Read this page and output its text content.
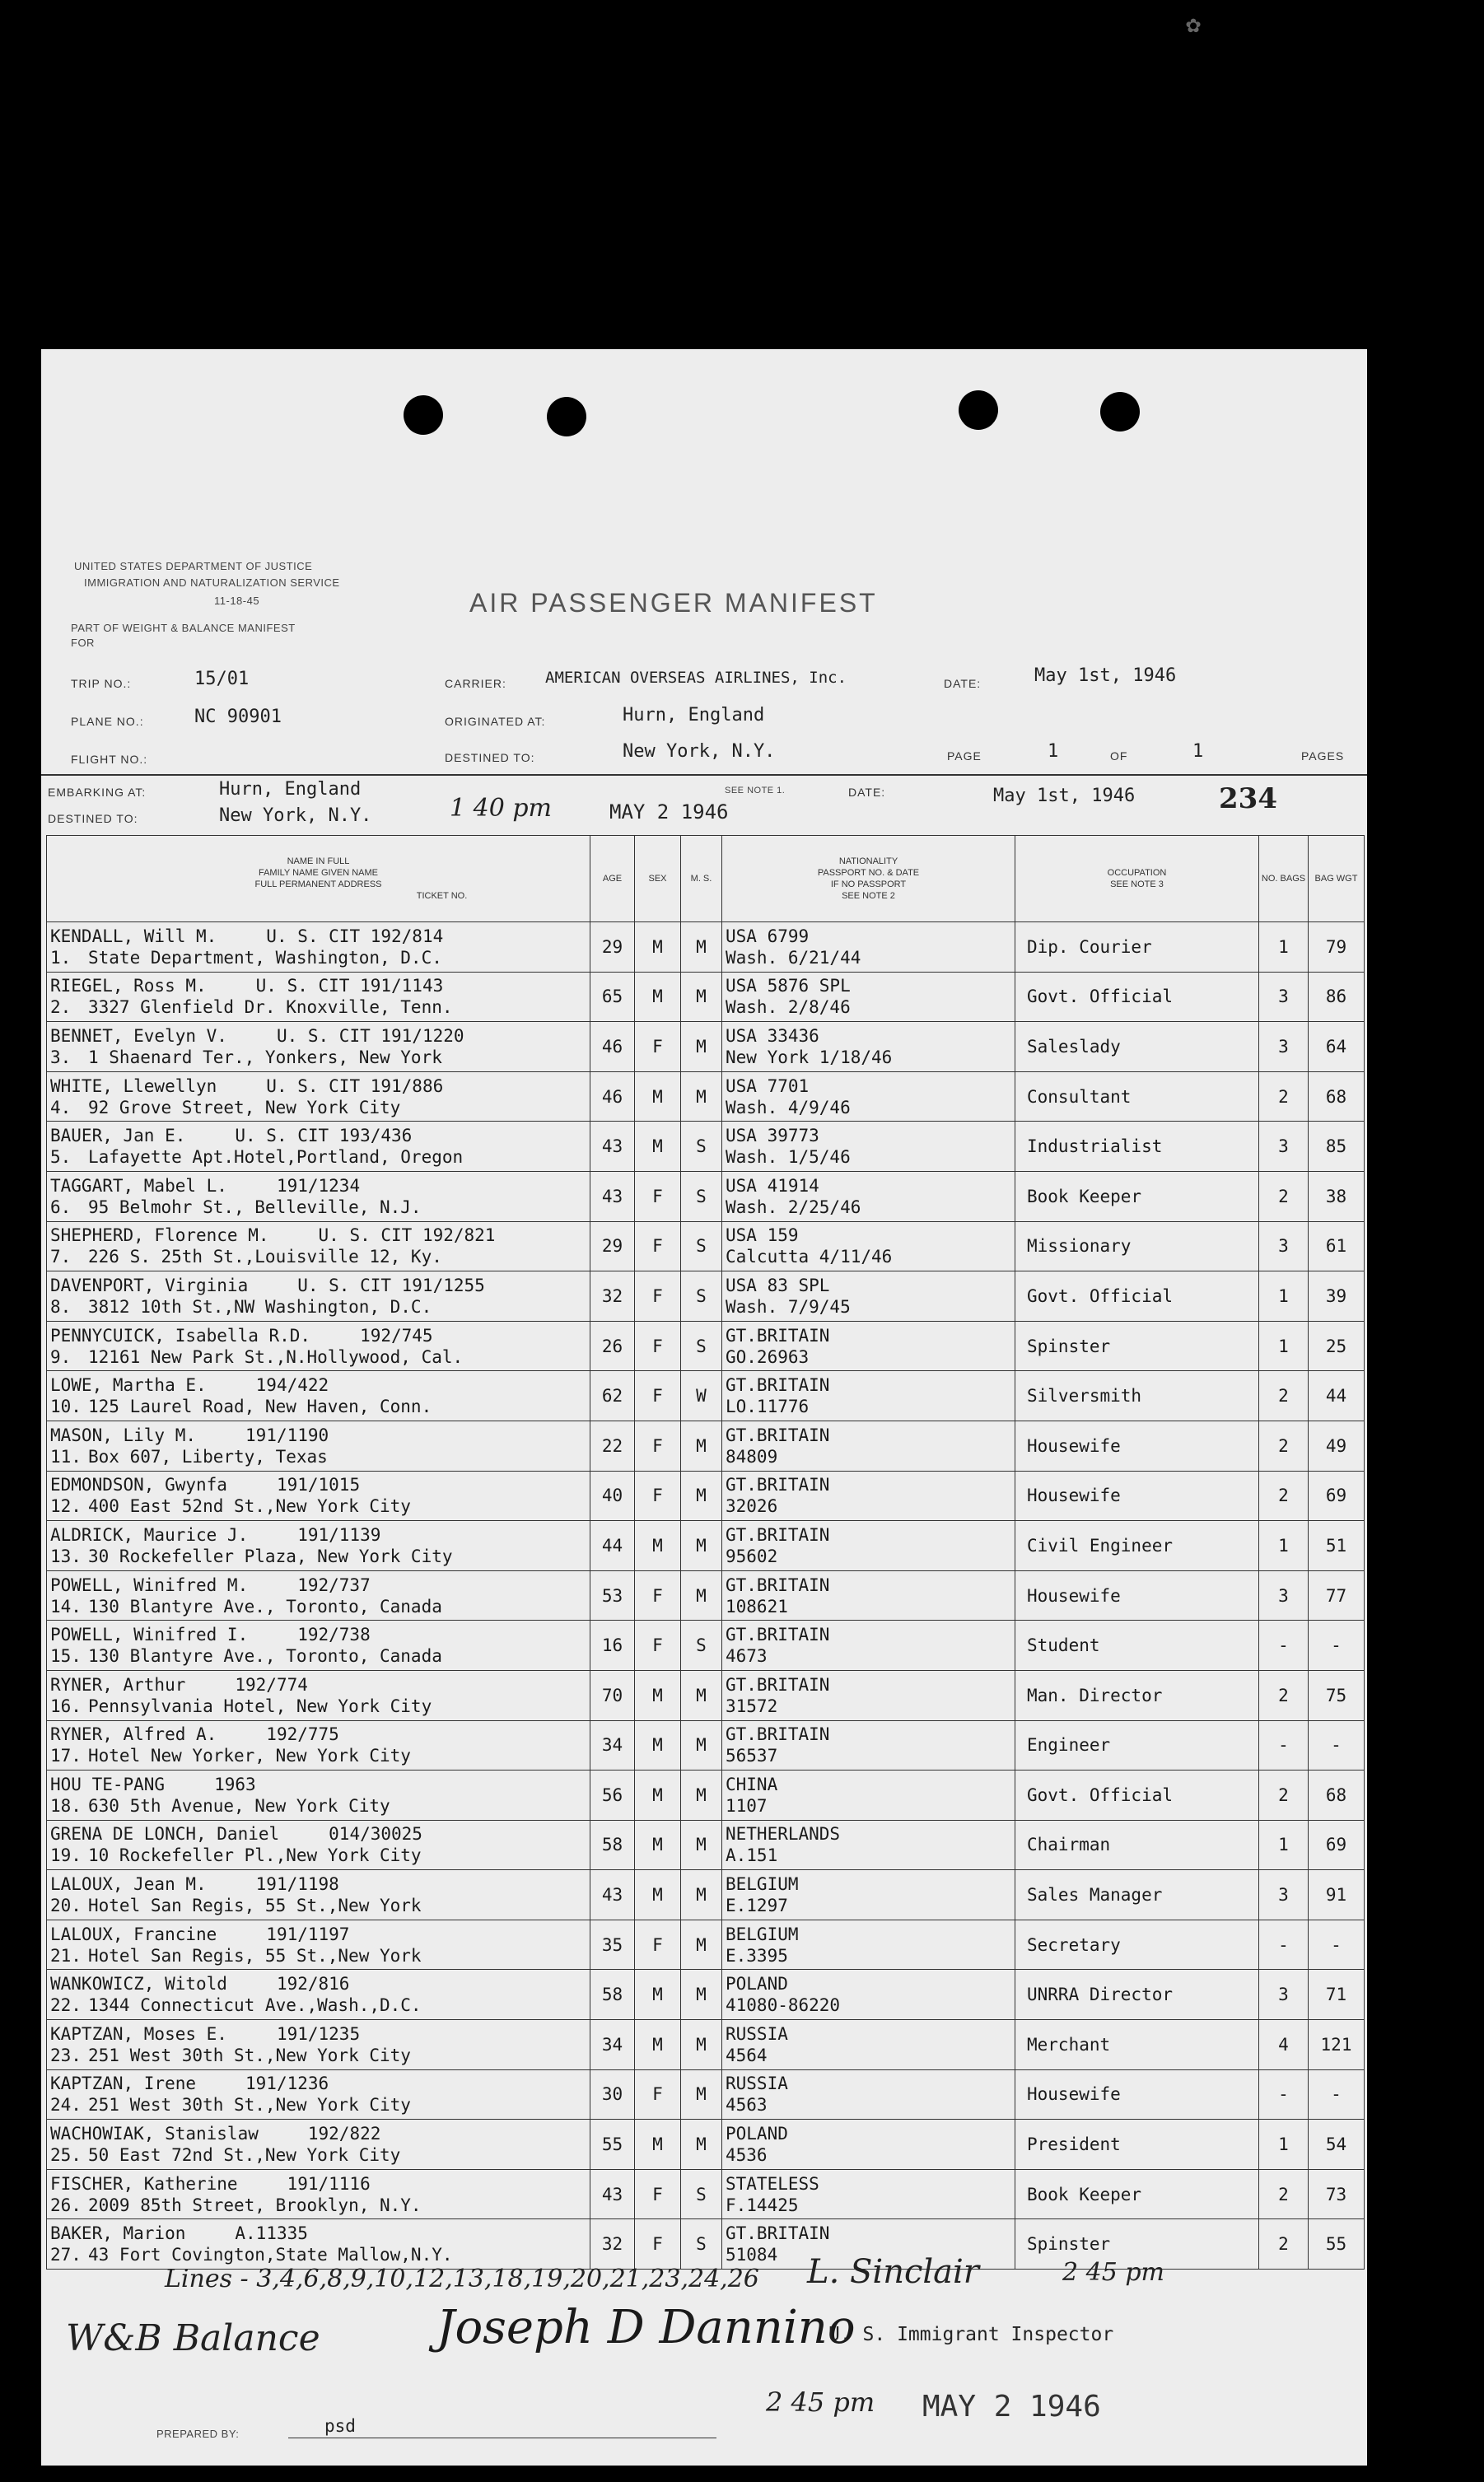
✿
UNITED STATES DEPARTMENT OF JUSTICE
IMMIGRATION AND NATURALIZATION SERVICE
11-18-45
PART OF WEIGHT & BALANCE MANIFEST FOR
AIR PASSENGER MANIFEST
TRIP NO.:	15/01	CARRIER: AMERICAN OVERSEAS AIRLINES, Inc.	DATE:	May 1st, 1946
PLANE NO.:	NC 90901	ORIGINATED AT:	Hurn, England
FLIGHT NO.:	DESTINED TO:	New York, N.Y.	PAGE	1	OF	1	PAGES
EMBARKING AT:	Hurn, England
DESTINED TO:	New York, N.Y.	1 40 pm	MAY 2 1946
SEE NOTE 1.	DATE:	May 1st, 1946	234
NAME IN FULL
FAMILY NAME GIVEN NAME
FULL PERMANENT ADDRESS
TICKET NO.	AGE	SEX	M. S.	NATIONALITY
PASSPORT NO. & DATE
IF NO PASSPORT
SEE NOTE 2	OCCUPATION
SEE NOTE 3	NO. BAGS	BAG WGT

KENDALL, Will M. U. S. CIT 192/814
1. State Department, Washington, D.C.	29	M	M	USA 6799
Wash. 6/21/44	Dip. Courier	1	79

RIEGEL, Ross M. U. S. CIT 191/1143
2. 3327 Glenfield Dr. Knoxville, Tenn.	65	M	M	USA 5876 SPL
Wash. 2/8/46	Govt. Official	3	86

BENNET, Evelyn V. U. S. CIT 191/1220
3. 1 Shaenard Ter., Yonkers, New York	46	F	M	USA 33436
New York 1/18/46	Saleslady	3	64

WHITE, Llewellyn U. S. CIT 191/886
4. 92 Grove Street, New York City	46	M	M	USA 7701
Wash. 4/9/46	Consultant	2	68

BAUER, Jan E. U. S. CIT 193/436
5. Lafayette Apt.Hotel,Portland, Oregon	43	M	S	USA 39773
Wash. 1/5/46	Industrialist	3	85

TAGGART, Mabel L. 191/1234
6. 95 Belmohr St., Belleville, N.J.	43	F	S	USA 41914
Wash. 2/25/46	Book Keeper	2	38

SHEPHERD, Florence M. U. S. CIT 192/821
7. 226 S. 25th St.,Louisville 12, Ky.	29	F	S	USA 159
Calcutta 4/11/46	Missionary	3	61

DAVENPORT, Virginia U. S. CIT 191/1255
8. 3812 10th St.,NW Washington, D.C.	32	F	S	USA 83 SPL
Wash. 7/9/45	Govt. Official	1	39

PENNYCUICK, Isabella R.D. 192/745
9. 12161 New Park St.,N.Hollywood, Cal.	26	F	S	GT.BRITAIN
GO.26963	Spinster	1	25

LOWE, Martha E. 194/422
10. 125 Laurel Road, New Haven, Conn.	62	F	W	GT.BRITAIN
LO.11776	Silversmith	2	44

MASON, Lily M. 191/1190
11. Box 607, Liberty, Texas	22	F	M	GT.BRITAIN
84809	Housewife	2	49

EDMONDSON, Gwynfa 191/1015
12. 400 East 52nd St.,New York City	40	F	M	GT.BRITAIN
32026	Housewife	2	69

ALDRICK, Maurice J. 191/1139
13. 30 Rockefeller Plaza, New York City	44	M	M	GT.BRITAIN
95602	Civil Engineer	1	51

POWELL, Winifred M. 192/737
14. 130 Blantyre Ave., Toronto, Canada	53	F	M	GT.BRITAIN
108621	Housewife	3	77

POWELL, Winifred I. 192/738
15. 130 Blantyre Ave., Toronto, Canada	16	F	S	GT.BRITAIN
4673	Student	-	-

RYNER, Arthur 192/774
16. Pennsylvania Hotel, New York City	70	M	M	GT.BRITAIN
31572	Man. Director	2	75

RYNER, Alfred A. 192/775
17. Hotel New Yorker, New York City	34	M	M	GT.BRITAIN
56537	Engineer	-	-

HOU TE-PANG 1963
18. 630 5th Avenue, New York City	56	M	M	CHINA
1107	Govt. Official	2	68

GRENA DE LONCH, Daniel 014/30025
19. 10 Rockefeller Pl.,New York City	58	M	M	NETHERLANDS
A.151	Chairman	1	69

LALOUX, Jean M. 191/1198
20. Hotel San Regis, 55 St.,New York	43	M	M	BELGIUM
E.1297	Sales Manager	3	91

LALOUX, Francine 191/1197
21. Hotel San Regis, 55 St.,New York	35	F	M	BELGIUM
E.3395	Secretary	-	-

WANKOWICZ, Witold 192/816
22. 1344 Connecticut Ave.,Wash.,D.C.	58	M	M	POLAND
41080-86220	UNRRA Director	3	71

KAPTZAN, Moses E. 191/1235
23. 251 West 30th St.,New York City	34	M	M	RUSSIA
4564	Merchant	4	121

KAPTZAN, Irene 191/1236
24. 251 West 30th St.,New York City	30	F	M	RUSSIA
4563	Housewife	-	-

WACHOWIAK, Stanislaw 192/822
25. 50 East 72nd St.,New York City	55	M	M	POLAND
4536	President	1	54

FISCHER, Katherine 191/1116
26. 2009 85th Street, Brooklyn, N.Y.	43	F	S	STATELESS
F.14425	Book Keeper	2	73

BAKER, Marion A.11335
27. 43 Fort Covington,State Mallow,N.Y.	32	F	S	GT.BRITAIN
51084	Spinster	2	55
Lines - 3,4,6,8,9,10,12,13,18,19,20,21,23,24,26 L. Sinclair	2 45 pm
W&B Balance	Joseph D Dannino
U. S. Immigrant Inspector
2 45 pm MAY 2 1946
PREPARED BY:	psd
